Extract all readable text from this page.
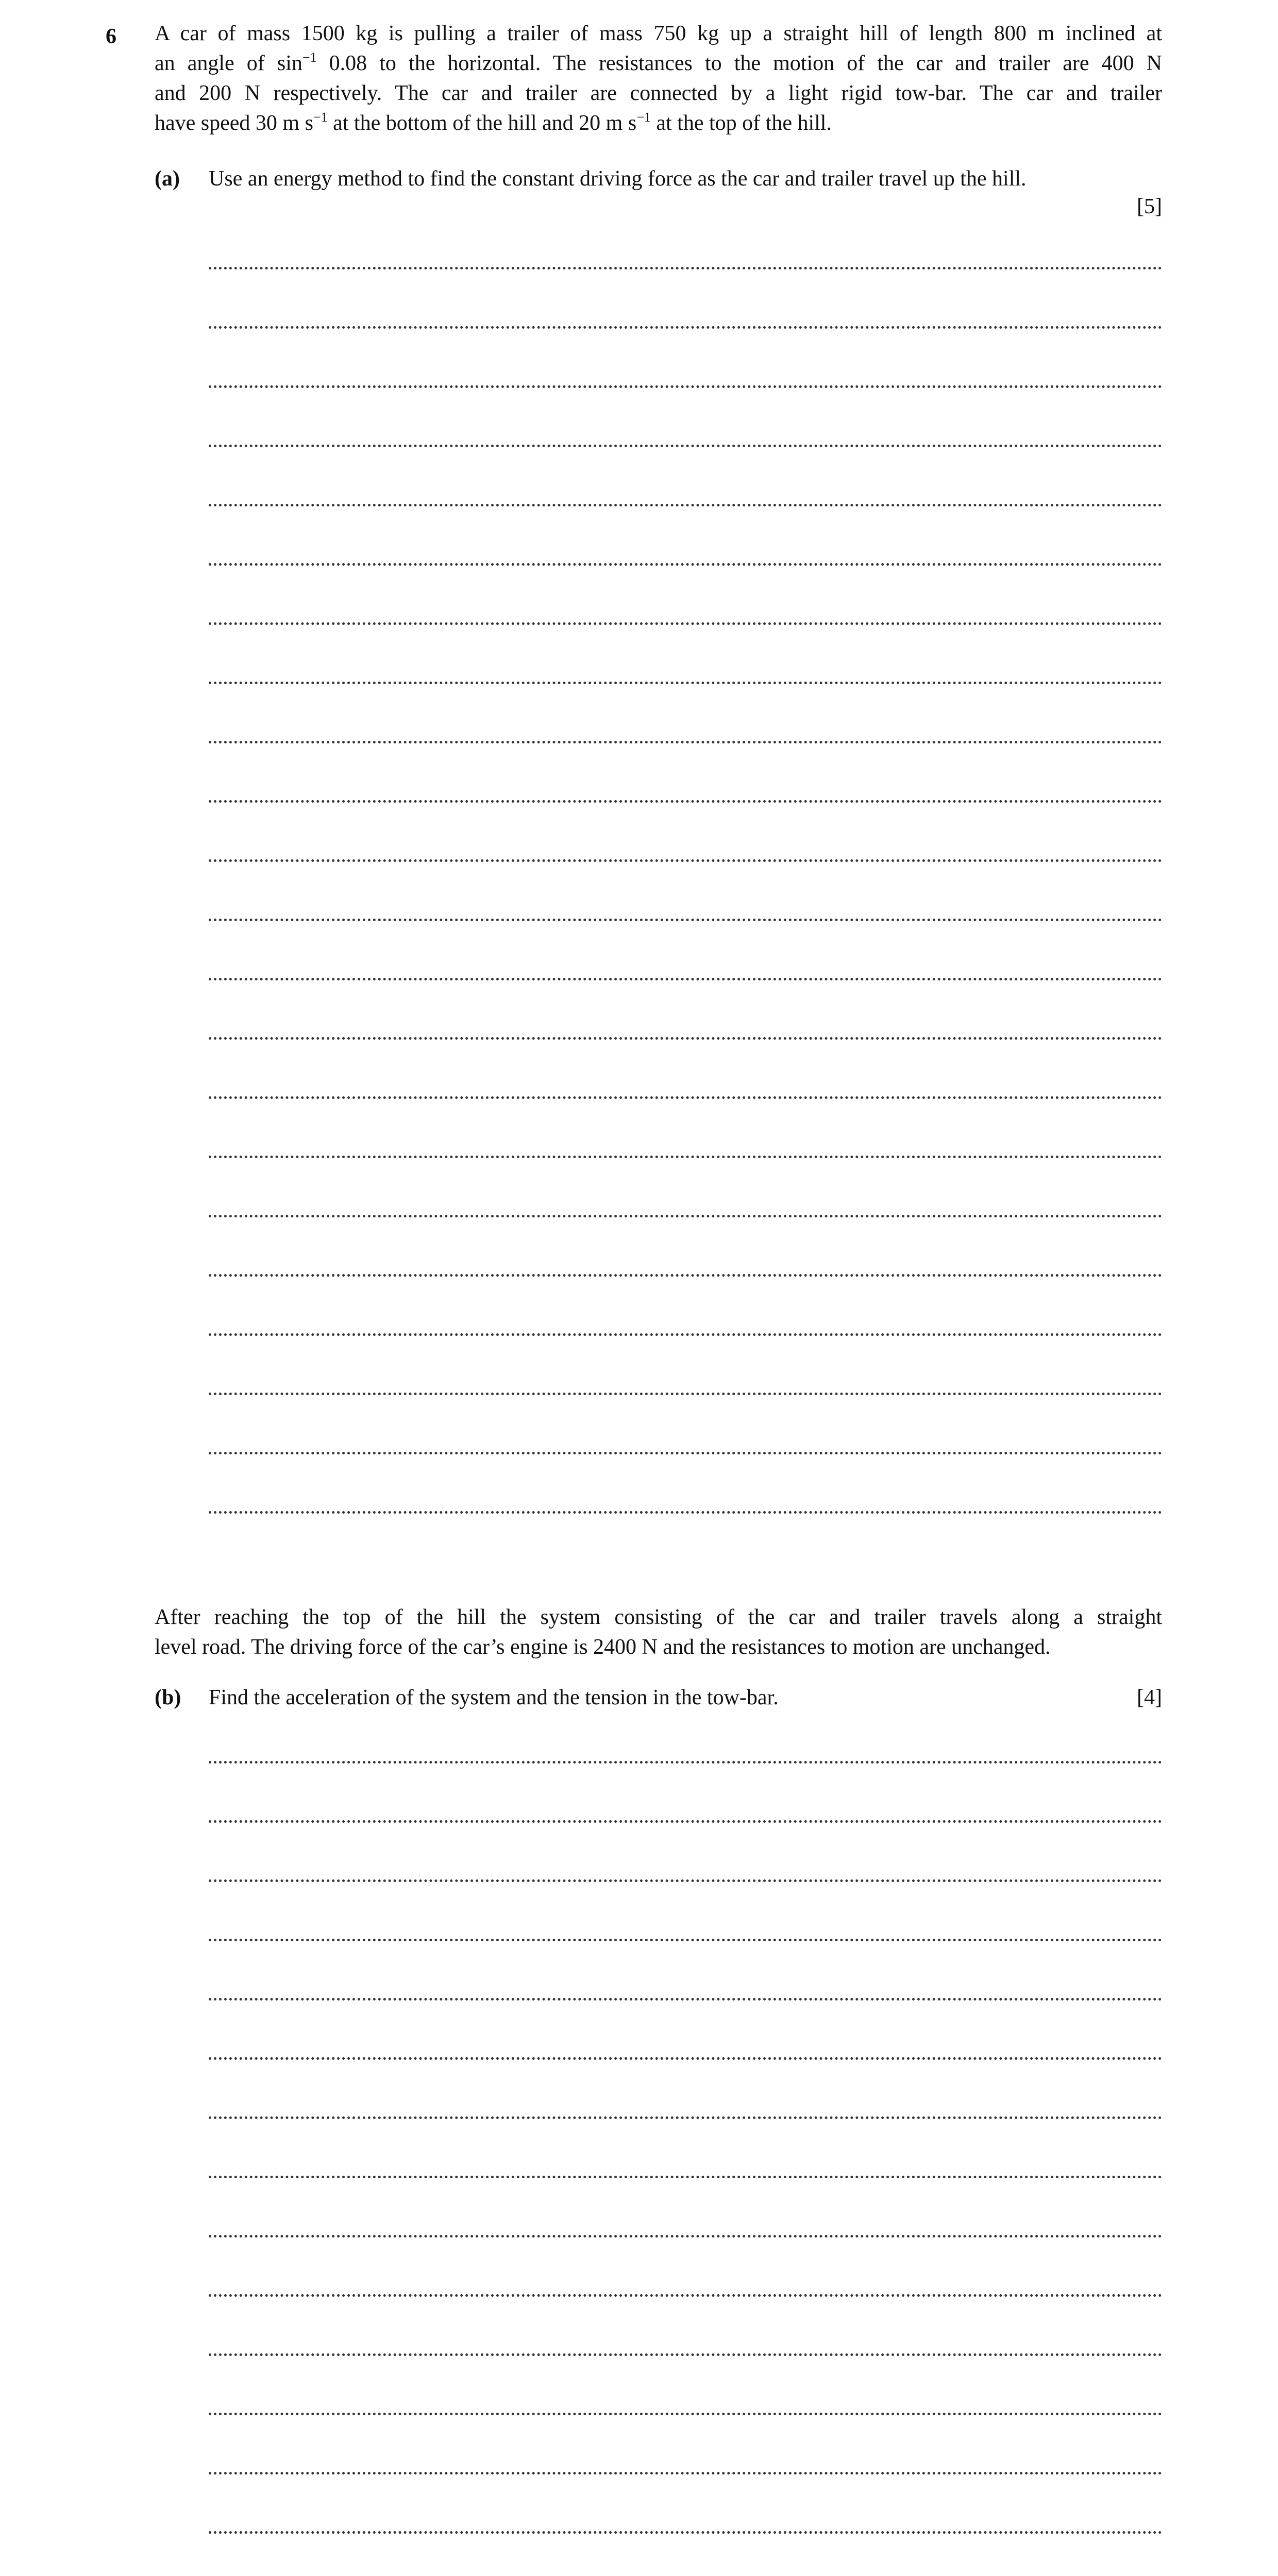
6 A car of mass 1500 kg is pulling a trailer of mass 750 kg up a straight hill of length 800 m inclined at
an angle of $\sin^{-1} 0.08$ to the horizontal. The resistances to the motion of the car and trailer are 400 N
and 200 N respectively. The car and trailer are connected by a light rigid tow-bar. The car and trailer
have speed 30 m $s^{-1}$ at the bottom of the hill and 20 m $s^{-1}$ at the top of the hill.
(a) Use an energy method to find the constant driving force as the car and trailer travel up the hill.
[5]
After reaching the top of the hill the system consisting of the car and trailer travels along a straight
level road. The driving force of the car’s engine is 2400 N and the resistances to motion are unchanged.
(b) Find the acceleration of the system and the tension in the tow-bar.	[4]
